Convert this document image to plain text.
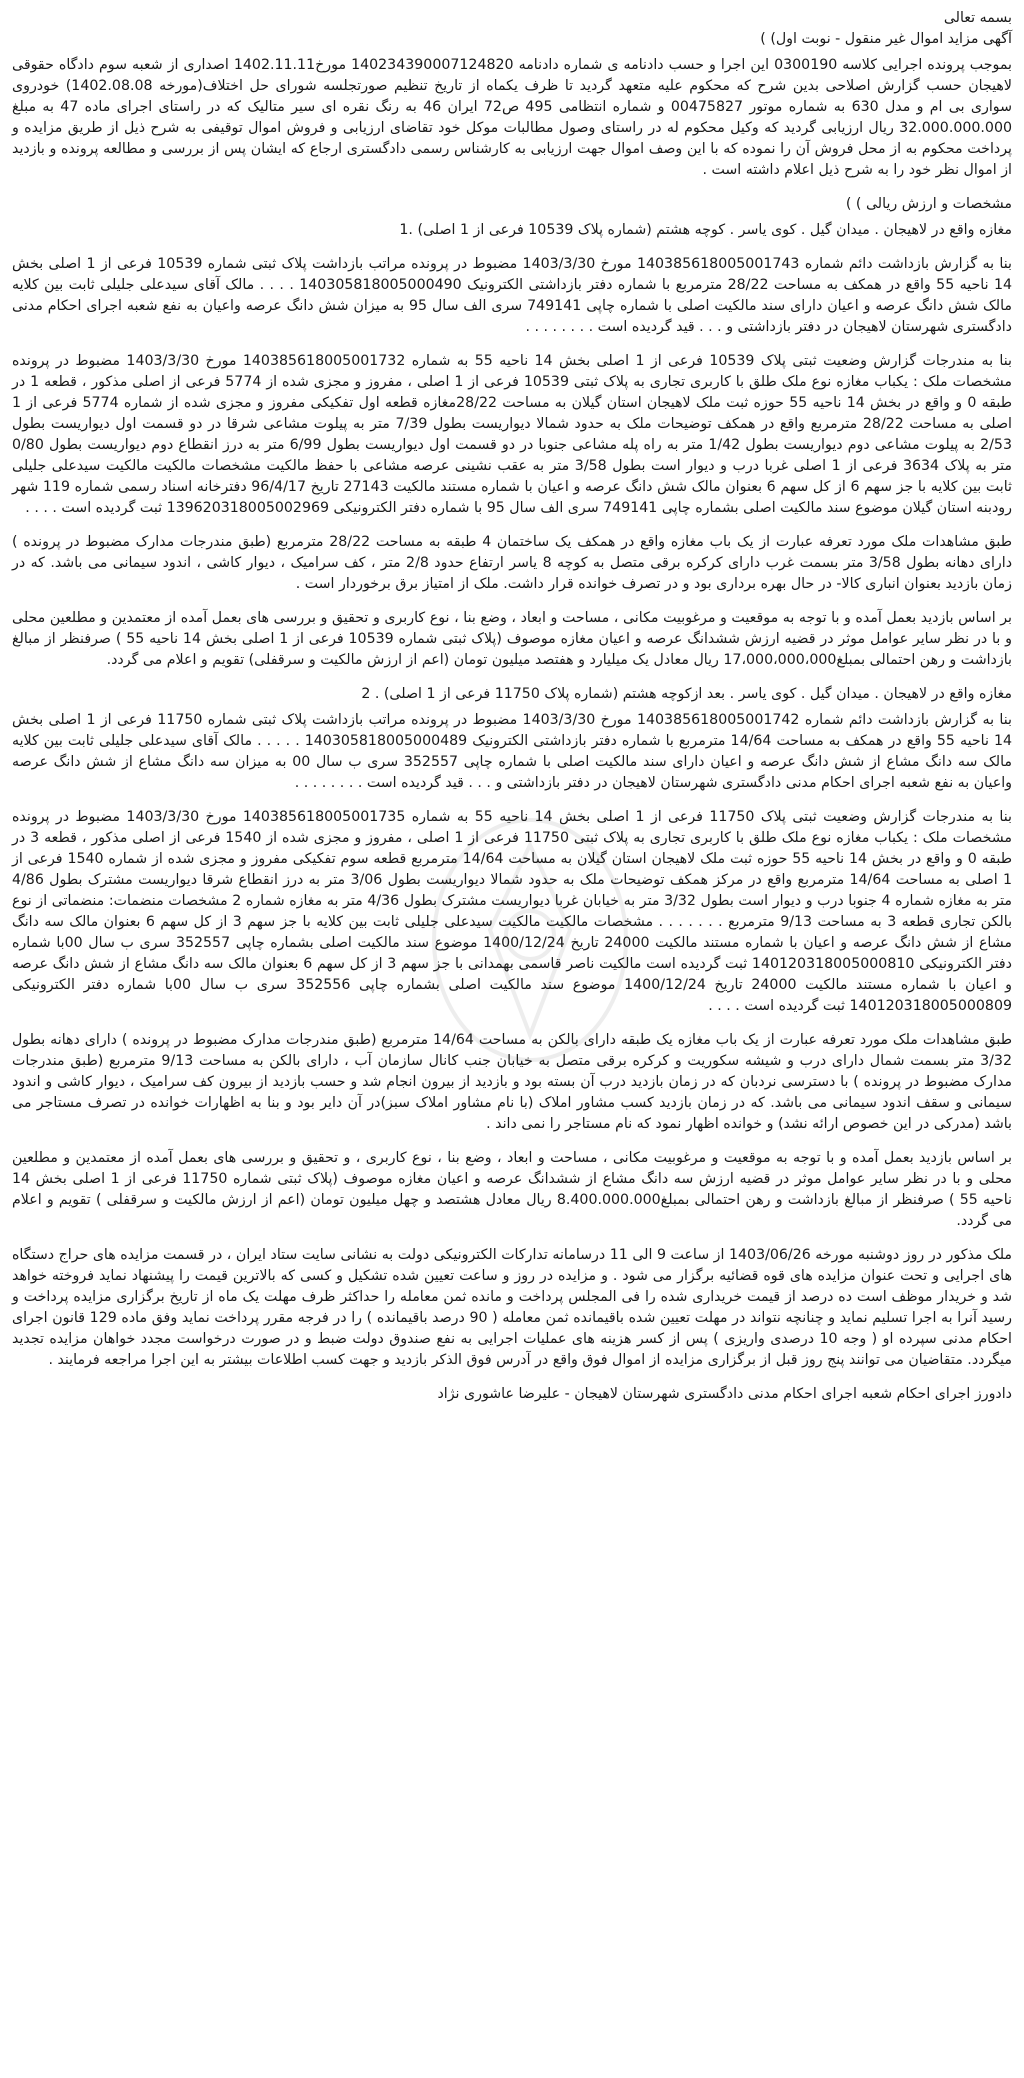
بسمه تعالی

آگهی مزاید اموال غیر منقول - نوبت اول) )

بموجب پرونده اجرایی کلاسه 0300190 این اجرا و حسب دادنامه ی شماره دادنامه 140234390007124820 مورخ1402.11.11 اصداری از شعبه سوم دادگاه حقوقی لاهیجان حسب گزارش اصلاحی بدین شرح که محکوم علیه متعهد گردید تا ظرف یکماه از تاریخ تنظیم صورتجلسه شورای حل اختلاف(مورخه 1402.08.08) خودروی سواری بی ام و مدل 630 به شماره موتور 00475827 و شماره انتظامی 495 ص72 ایران 46 به رنگ نقره ای سیر متالیک که در راستای اجرای ماده 47 به مبلغ 32.000.000.000 ریال ارزیابی گردید که وکیل محکوم له در راستای وصول مطالبات موکل خود تقاضای ارزیابی و فروش اموال توقیفی به شرح ذیل از طریق مزایده و پرداخت محکوم به از محل فروش آن را نموده که با این وصف اموال جهت ارزیابی به کارشناس رسمی دادگستری ارجاع که ایشان پس از بررسی و مطالعه پرونده و بازدید از اموال نظر خود را به شرح ذیل اعلام داشته است .

مشخصات و ارزش ریالی ) )

مغازه واقع در لاهیجان . میدان گیل . کوی یاسر . کوچه هشتم (شماره پلاک 10539 فرعی از 1 اصلی) .1

بنا به گزارش بازداشت دائم شماره 140385618005001743 مورخ 1403/3/30 مضبوط در پرونده مراتب بازداشت پلاک ثبتی شماره 10539 فرعی از 1 اصلی بخش 14 ناحیه 55 واقع در همکف به مساحت 28/22 مترمربع با شماره دفتر بازداشتی الکترونیک 140305818005000490 . . . . مالک آقای سیدعلی جلیلی ثابت بین کلایه مالک شش دانگ عرصه و اعیان دارای سند مالکیت اصلی با شماره چاپی 749141 سری الف سال 95 به میزان شش دانگ عرصه واعیان به نفع شعبه اجرای احکام مدنی دادگستری شهرستان لاهیجان در دفتر بازداشتی و . . . قید گردیده است . . . . . . . .

بنا به مندرجات گزارش وضعیت ثبتی پلاک 10539 فرعی از 1 اصلی بخش 14 ناحیه 55 به شماره 140385618005001732 مورخ 1403/3/30 مضبوط در پرونده مشخصات ملک : یکباب مغازه نوع ملک طلق با کاربری تجاری به پلاک ثبتی 10539 فرعی از 1 اصلی ، مفروز و مجزی شده از 5774 فرعی از اصلی مذکور ، قطعه 1 در طبقه 0 و واقع در بخش 14 ناحیه 55 حوزه ثبت ملک لاهیجان استان گیلان به مساحت 28/22مغازه قطعه اول تفکیکی مفروز و مجزی شده از شماره 5774 فرعی از 1 اصلی به مساحت 28/22 مترمربع واقع در همکف توضیحات ملک به حدود شمالا دیواریست بطول 7/39 متر به پیلوت مشاعی شرقا در دو قسمت اول دیواریست بطول 2/53 به پیلوت مشاعی دوم دیواریست بطول 1/42 متر به راه پله مشاعی جنوبا در دو قسمت اول دیواریست بطول 6/99 متر به درز انقطاع دوم دیواریست بطول 0/80 متر به پلاک 3634 فرعی از 1 اصلی غربا درب و دیوار است بطول 3/58 متر به عقب نشینی عرصه مشاعی با حفظ مالکیت مشخصات مالکیت مالکیت سیدعلی جلیلی ثابت بین کلایه با جز سهم 6 از کل سهم 6 بعنوان مالک شش دانگ عرصه و اعیان با شماره مستند مالکیت 27143 تاریخ 96/4/17 دفترخانه اسناد رسمی شماره 119 شهر رودبنه استان گیلان موضوع سند مالکیت اصلی بشماره چاپی 749141 سری الف سال 95 با شماره دفتر الکترونیکی 139620318005002969 ثبت گردیده است . . . .

طبق مشاهدات ملک مورد تعرفه عبارت از یک باب مغازه واقع در همکف یک ساختمان 4 طبقه به مساحت 28/22 مترمربع (طبق مندرجات مدارک مضبوط در پرونده ) دارای دهانه بطول 3/58 متر بسمت غرب دارای کرکره برقی متصل به کوچه 8 یاسر ارتفاع حدود 2/8 متر ، کف سرامیک ، دیوار کاشی ، اندود سیمانی می باشد. که در زمان بازدید بعنوان انباری کالا- در حال بهره برداری بود و در تصرف خوانده قرار داشت. ملک از امتیاز برق برخوردار است .

بر اساس بازدید بعمل آمده و با توجه به موقعیت و مرغوبیت مکانی ، مساحت و ابعاد ، وضع بنا ، نوع کاربری و تحقیق و بررسی های بعمل آمده از معتمدین و مطلعین محلی و با در نظر سایر عوامل موثر در قضیه ارزش ششدانگ عرصه و اعیان مغازه موصوف (پلاک ثبتی شماره 10539 فرعی از 1 اصلی بخش 14 ناحیه 55 ) صرفنظر از مبالغ بازداشت و رهن احتمالی بمبلغ17،000،000،000 ریال معادل یک میلیارد و هفتصد میلیون تومان (اعم از ارزش مالکیت و سرقفلی) تقویم و اعلام می گردد.

مغازه واقع در لاهیجان . میدان گیل . کوی یاسر . بعد ازکوچه هشتم (شماره پلاک 11750 فرعی از 1 اصلی) . 2

بنا به گزارش بازداشت دائم شماره 140385618005001742 مورخ 1403/3/30 مضبوط در پرونده مراتب بازداشت پلاک ثبتی شماره 11750 فرعی از 1 اصلی بخش 14 ناحیه 55 واقع در همکف به مساحت 14/64 مترمربع با شماره دفتر بازداشتی الکترونیک 140305818005000489 . . . . . مالک آقای سیدعلی جلیلی ثابت بین کلایه مالک سه دانگ مشاع از شش دانگ عرصه و اعیان دارای سند مالکیت اصلی با شماره چاپی 352557 سری ب سال 00 به میزان سه دانگ مشاع از شش دانگ عرصه واعیان به نفع شعبه اجرای احکام مدنی دادگستری شهرستان لاهیجان در دفتر بازداشتی و . . . قید گردیده است . . . . . . . .

بنا به مندرجات گزارش وضعیت ثبتی پلاک 11750 فرعی از 1 اصلی بخش 14 ناحیه 55 به شماره 140385618005001735 مورخ 1403/3/30 مضبوط در پرونده مشخصات ملک : یکباب مغازه نوع ملک طلق با کاربری تجاری به پلاک ثبتی 11750 فرعی از 1 اصلی ، مفروز و مجزی شده از 1540 فرعی از اصلی مذکور ، قطعه 3 در طبقه 0 و واقع در بخش 14 ناحیه 55 حوزه ثبت ملک لاهیجان استان گیلان به مساحت 14/64 مترمربع قطعه سوم تفکیکی مفروز و مجزی شده از شماره 1540 فرعی از 1 اصلی به مساحت 14/64 مترمربع واقع در مرکز همکف توضیحات ملک به حدود شمالا دیواریست بطول 3/06 متر به درز انقطاع شرقا دیواریست مشترک بطول 4/86 متر به مغازه شماره 4 جنوبا درب و دیوار است بطول 3/32 متر به خیابان غربا دیواریست مشترک بطول 4/36 متر به مغازه شماره 2 مشخصات منضمات: منضماتی از نوع بالکن تجاری قطعه 3 به مساحت 9/13 مترمربع . . . . . . . مشخصات مالکیت مالکیت سیدعلی جلیلی ثابت بین کلایه با جز سهم 3 از کل سهم 6 بعنوان مالک سه دانگ مشاع از شش دانگ عرصه و اعیان با شماره مستند مالکیت 24000 تاریخ 1400/12/24 موضوع سند مالکیت اصلی بشماره چاپی 352557 سری ب سال 00با شماره دفتر الکترونیکی 140120318005000810 ثبت گردیده است مالکیت ناصر قاسمی بهمدانی با جز سهم 3 از کل سهم 6 بعنوان مالک سه دانگ مشاع از شش دانگ عرصه و اعیان با شماره مستند مالکیت 24000 تاریخ 1400/12/24 موضوع سند مالکیت اصلی بشماره چاپی 352556 سری ب سال 00با شماره دفتر الکترونیکی 140120318005000809 ثبت گردیده است . . . .

طبق مشاهدات ملک مورد تعرفه عبارت از یک باب مغازه یک طبقه دارای بالکن به مساحت 14/64 مترمربع (طبق مندرجات مدارک مضبوط در پرونده ) دارای دهانه بطول 3/32 متر بسمت شمال دارای درب و شیشه سکوریت و کرکره برقی متصل به خیابان جنب کانال سازمان آب ، دارای بالکن به مساحت 9/13 مترمربع (طبق مندرجات مدارک مضبوط در پرونده ) با دسترسی نردبان که در زمان بازدید درب آن بسته بود و بازدید از بیرون انجام شد و حسب بازدید از بیرون کف سرامیک ، دیوار کاشی و اندود سیمانی و سقف اندود سیمانی می باشد. که در زمان بازدید کسب مشاور املاک (با نام مشاور املاک سبز)در آن دایر بود و بنا به اظهارات خوانده در تصرف مستاجر می باشد (مدرکی در این خصوص ارائه نشد) و خوانده اظهار نمود که نام مستاجر را نمی داند .

بر اساس بازدید بعمل آمده و با توجه به موقعیت و مرغوبیت مکانی ، مساحت و ابعاد ، وضع بنا ، نوع کاربری ، و تحقیق و بررسی های بعمل آمده از معتمدین و مطلعین محلی و با در نظر سایر عوامل موثر در قضیه ارزش سه دانگ مشاع از ششدانگ عرصه و اعیان مغازه موصوف (پلاک ثبتی شماره 11750 فرعی از 1 اصلی بخش 14 ناحیه 55 ) صرفنظر از مبالغ بازداشت و رهن احتمالی بمبلغ8.400.000.000 ریال معادل هشتصد و چهل میلیون تومان (اعم از ارزش مالکیت و سرقفلی ) تقویم و اعلام می گردد.

ملک مذکور در روز دوشنبه مورخه 1403/06/26 از ساعت 9 الی 11 درسامانه تدارکات الکترونیکی دولت به نشانی سایت ستاد ایران ، در قسمت مزایده های حراج دستگاه های اجرایی و تحت عنوان مزایده های قوه قضائیه برگزار می شود . و مزایده در روز و ساعت تعیین شده تشکیل و کسی که بالاترین قیمت را پیشنهاد نماید فروخته خواهد شد و خریدار موظف است ده درصد از قیمت خریداری شده را فی المجلس پرداخت و مانده ثمن معامله را حداکثر ظرف مهلت یک ماه از تاریخ برگزاری مزایده پرداخت و رسید آنرا به اجرا تسلیم نماید و چنانچه نتواند در مهلت تعیین شده باقیمانده ثمن معامله ( 90 درصد باقیمانده ) را در فرجه مقرر پرداخت نماید وفق ماده 129 قانون اجرای احکام مدنی سپرده او ( وجه 10 درصدی واریزی ) پس از کسر هزینه های عملیات اجرایی به نفع صندوق دولت ضبط و در صورت درخواست مجدد خواهان مزایده تجدید میگردد. متقاضیان می توانند پنج روز قبل از برگزاری مزایده از اموال فوق واقع در آدرس فوق الذکر بازدید و جهت کسب اطلاعات بیشتر به این اجرا مراجعه فرمایند .

دادورز اجرای احکام شعبه اجرای احکام مدنی دادگستری شهرستان لاهیجان - علیرضا عاشوری نژاد
